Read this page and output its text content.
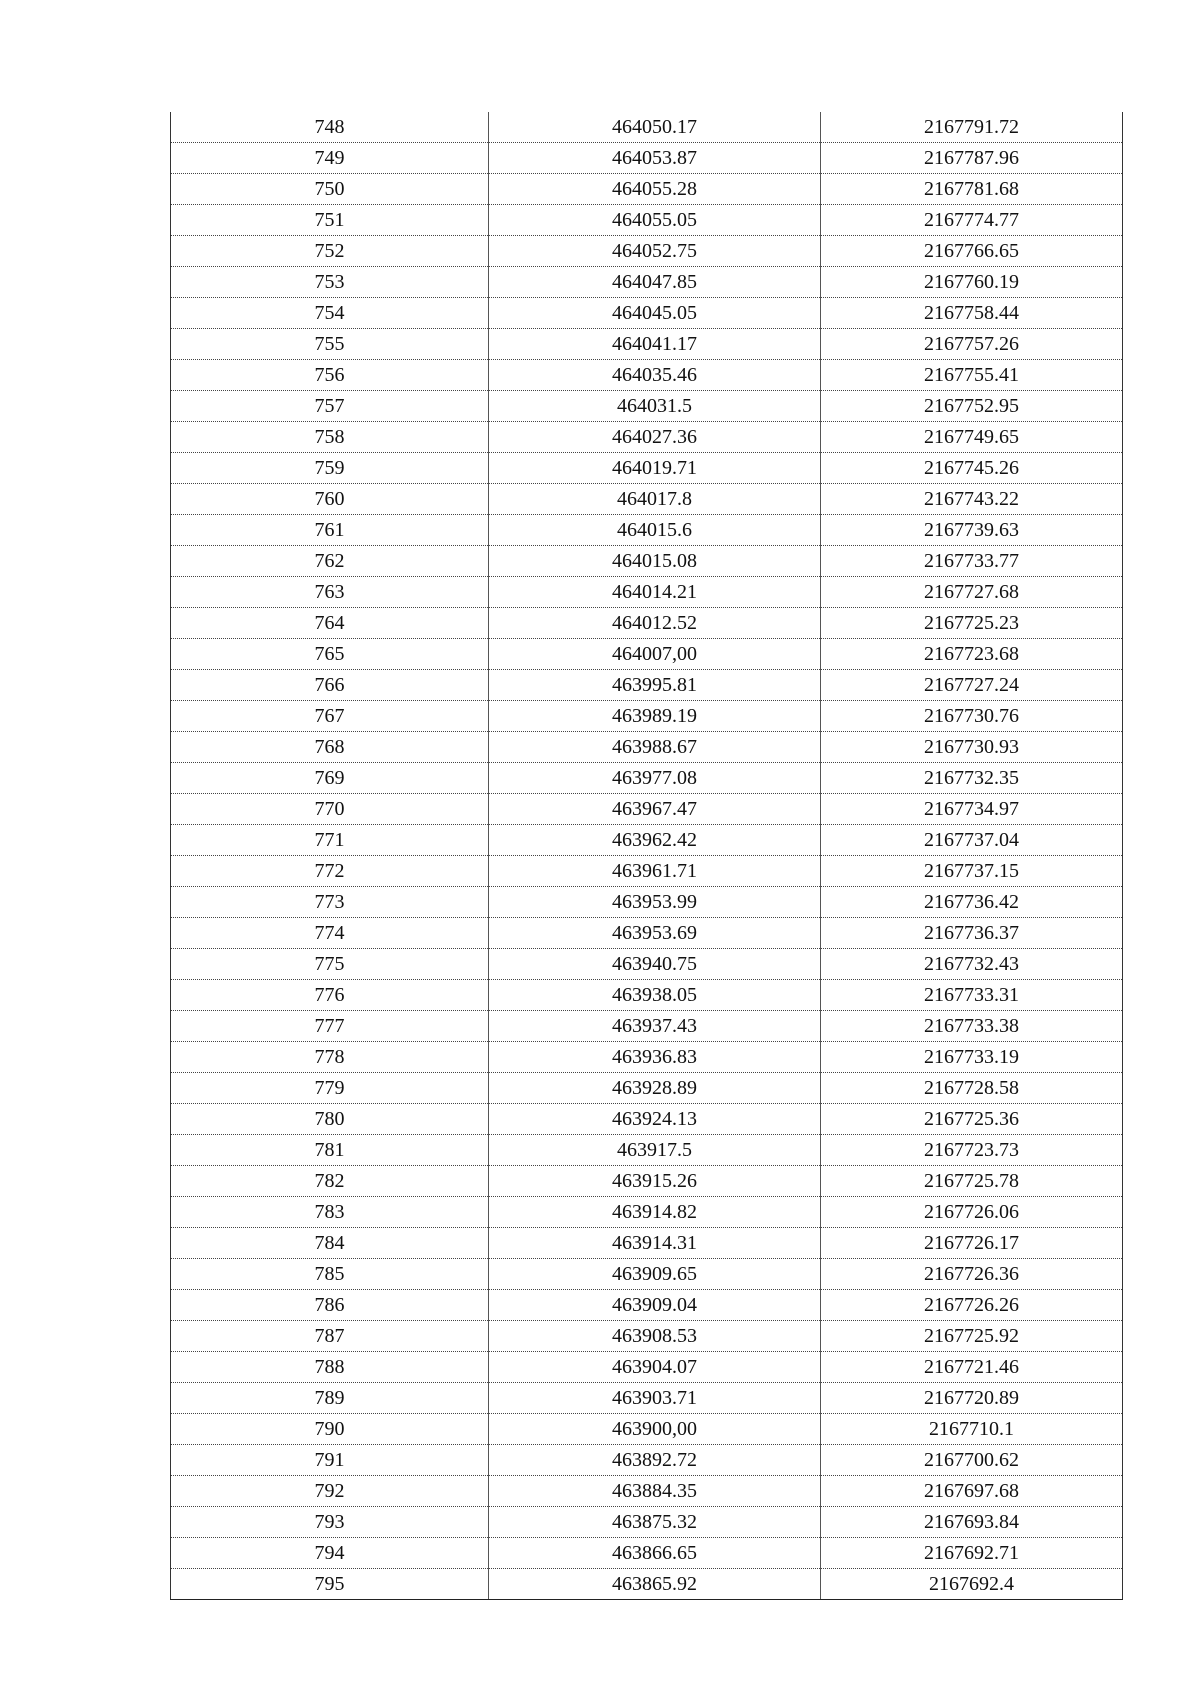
748	464050.17	2167791.72
749	464053.87	2167787.96
750	464055.28	2167781.68
751	464055.05	2167774.77
752	464052.75	2167766.65
753	464047.85	2167760.19
754	464045.05	2167758.44
755	464041.17	2167757.26
756	464035.46	2167755.41
757	464031.5	2167752.95
758	464027.36	2167749.65
759	464019.71	2167745.26
760	464017.8	2167743.22
761	464015.6	2167739.63
762	464015.08	2167733.77
763	464014.21	2167727.68
764	464012.52	2167725.23
765	464007,00	2167723.68
766	463995.81	2167727.24
767	463989.19	2167730.76
768	463988.67	2167730.93
769	463977.08	2167732.35
770	463967.47	2167734.97
771	463962.42	2167737.04
772	463961.71	2167737.15
773	463953.99	2167736.42
774	463953.69	2167736.37
775	463940.75	2167732.43
776	463938.05	2167733.31
777	463937.43	2167733.38
778	463936.83	2167733.19
779	463928.89	2167728.58
780	463924.13	2167725.36
781	463917.5	2167723.73
782	463915.26	2167725.78
783	463914.82	2167726.06
784	463914.31	2167726.17
785	463909.65	2167726.36
786	463909.04	2167726.26
787	463908.53	2167725.92
788	463904.07	2167721.46
789	463903.71	2167720.89
790	463900,00	2167710.1
791	463892.72	2167700.62
792	463884.35	2167697.68
793	463875.32	2167693.84
794	463866.65	2167692.71
795	463865.92	2167692.4
